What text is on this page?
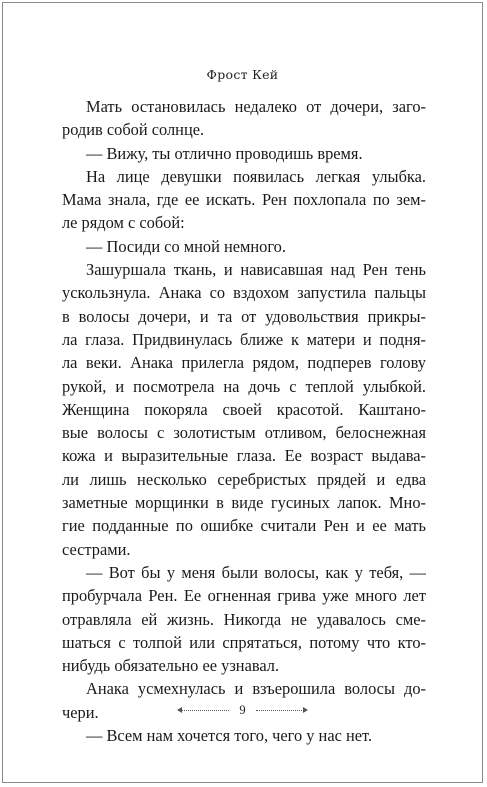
Фрост Кей
Мать остановилась недалеко от дочери, заго-
родив собой солнце.
— Вижу, ты отлично проводишь время.
На лице девушки появилась легкая улыбка.
Мама знала, где ее искать. Рен похлопала по зем-
ле рядом с собой:
— Посиди со мной немного.
Зашуршала ткань, и нависавшая над Рен тень
ускользнула. Анака со вздохом запустила пальцы
в волосы дочери, и та от удовольствия прикры-
ла глаза. Придвинулась ближе к матери и подня-
ла веки. Анака прилегла рядом, подперев голову
рукой, и посмотрела на дочь с теплой улыбкой.
Женщина покоряла своей красотой. Каштано-
вые волосы с золотистым отливом, белоснежная
кожа и выразительные глаза. Ее возраст выдава-
ли лишь несколько серебристых прядей и едва
заметные морщинки в виде гусиных лапок. Мно-
гие подданные по ошибке считали Рен и ее мать
сестрами.
— Вот бы у меня были волосы, как у тебя, —
пробурчала Рен. Ее огненная грива уже много лет
отравляла ей жизнь. Никогда не удавалось сме-
шаться с толпой или спрятаться, потому что кто-
нибудь обязательно ее узнавал.
Анака усмехнулась и взъерошила волосы до-
чери.
— Всем нам хочется того, чего у нас нет.
9
